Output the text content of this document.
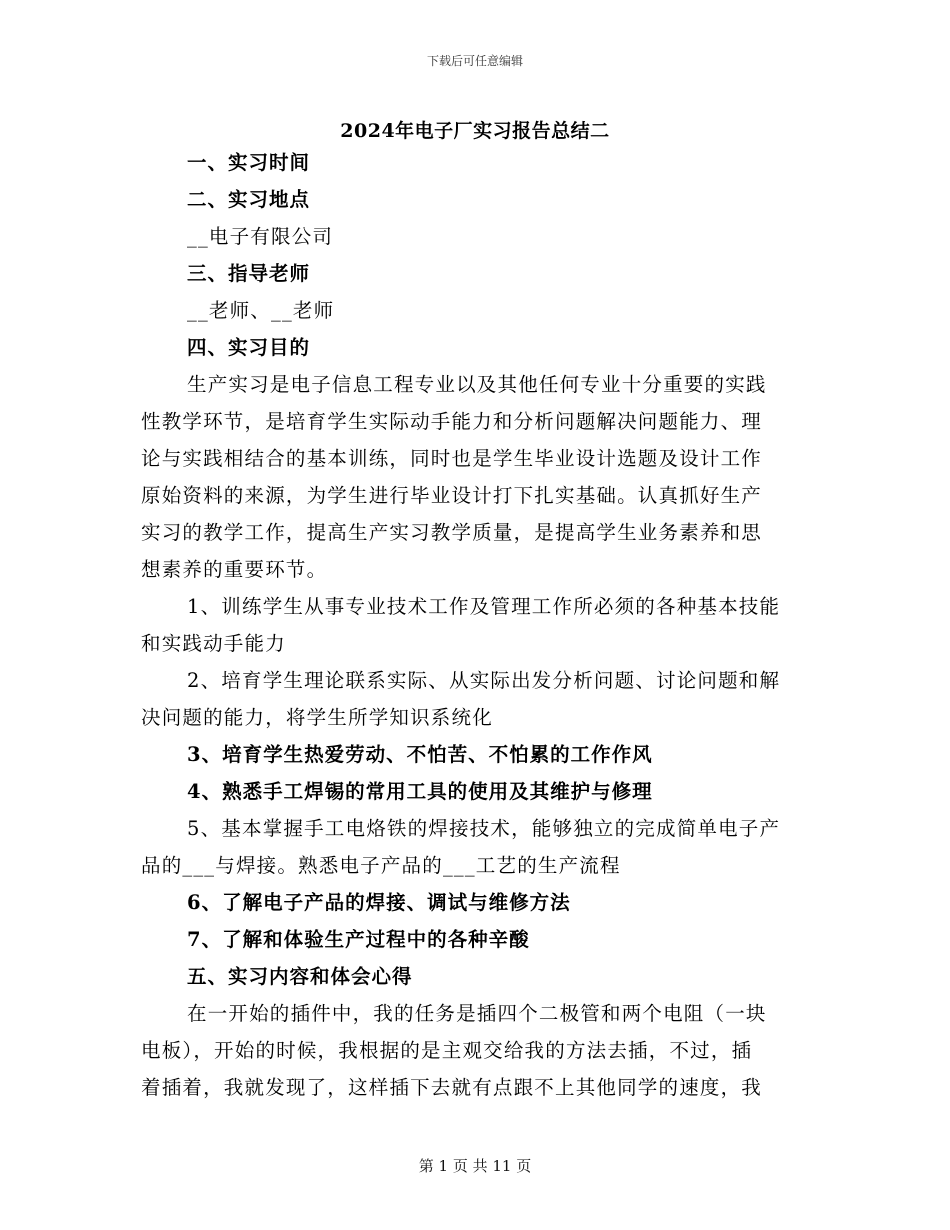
下载后可任意编辑
2024年电子厂实习报告总结二
一、实习时间
二、实习地点
__电子有限公司
三、指导老师
__老师、__老师
四、实习目的
生产实习是电子信息工程专业以及其他任何专业十分重要的实践
性教学环节，是培育学生实际动手能力和分析问题解决问题能力、理
论与实践相结合的基本训练，同时也是学生毕业设计选题及设计工作
原始资料的来源，为学生进行毕业设计打下扎实基础。认真抓好生产
实习的教学工作，提高生产实习教学质量，是提高学生业务素养和思
想素养的重要环节。
1、训练学生从事专业技术工作及管理工作所必须的各种基本技能
和实践动手能力
2、培育学生理论联系实际、从实际出发分析问题、讨论问题和解
决问题的能力，将学生所学知识系统化
3、培育学生热爱劳动、不怕苦、不怕累的工作作风
4、熟悉手工焊锡的常用工具的使用及其维护与修理
5、基本掌握手工电烙铁的焊接技术，能够独立的完成简单电子产
品的___与焊接。熟悉电子产品的___工艺的生产流程
6、了解电子产品的焊接、调试与维修方法
7、了解和体验生产过程中的各种辛酸
五、实习内容和体会心得
在一开始的插件中，我的任务是插四个二极管和两个电阻（一块
电板），开始的时候，我根据的是主观交给我的方法去插，不过，插
着插着，我就发现了，这样插下去就有点跟不上其他同学的速度，我
第 1 页 共 11 页
